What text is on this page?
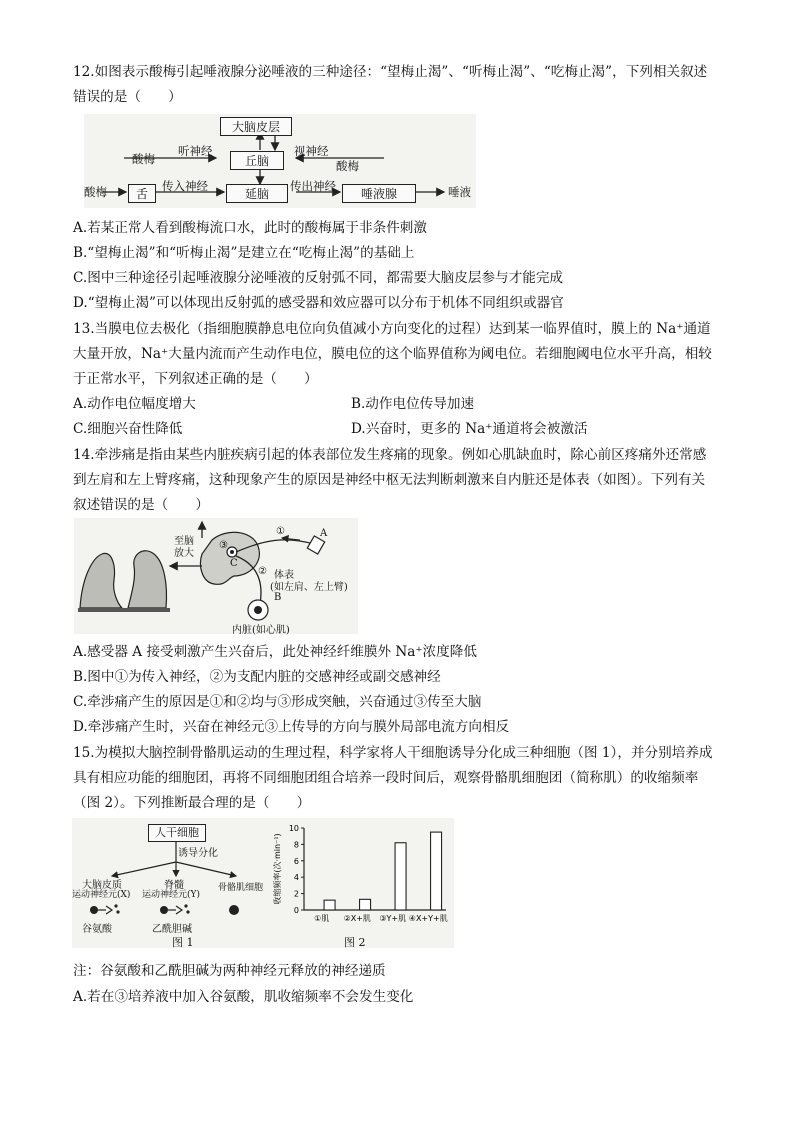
12.如图表示酸梅引起唾液腺分泌唾液的三种途径：“望梅止渴”、“听梅止渴”、“吃梅止渴”，下列相关叙述
错误的是（　　）
大脑皮层
丘脑
延脑
舌	唾液腺
酸梅
听神经	视神经
酸梅
酸梅	传入神经	传出神经	唾液
A.若某正常人看到酸梅流口水，此时的酸梅属于非条件刺激
B.“望梅止渴”和“听梅止渴”是建立在“吃梅止渴”的基础上
C.图中三种途径引起唾液腺分泌唾液的反射弧不同，都需要大脑皮层参与才能完成
D.“望梅止渴”可以体现出反射弧的感受器和效应器可以分布于机体不同组织或器官
13.当膜电位去极化（指细胞膜静息电位向负值减小方向变化的过程）达到某一临界值时，膜上的 Na⁺通道
大量开放，Na⁺大量内流而产生动作电位，膜电位的这个临界值称为阈电位。若细胞阈电位水平升高，相较
于正常水平，下列叙述正确的是（　　）
A.动作电位幅度增大	B.动作电位传导加速
C.细胞兴奋性降低	D.兴奋时，更多的 Na⁺通道将会被激活
14.牵涉痛是指由某些内脏疾病引起的体表部位发生疼痛的现象。例如心肌缺血时，除心前区疼痛外还常感
到左肩和左上臂疼痛，这种现象产生的原因是神经中枢无法判断刺激来自内脏还是体表（如图）。下列有关
叙述错误的是（　　）
至脑
放大
③
C
①	A
② 体表
(如左肩、左上臂)
B
内脏(如心肌)
A.感受器 A 接受刺激产生兴奋后，此处神经纤维膜外 Na⁺浓度降低
B.图中①为传入神经，②为支配内脏的交感神经或副交感神经
C.牵涉痛产生的原因是①和②均与③形成突触，兴奋通过③传至大脑
D.牵涉痛产生时，兴奋在神经元③上传导的方向与膜外局部电流方向相反
15.为模拟大脑控制骨骼肌运动的生理过程，科学家将人干细胞诱导分化成三种细胞（图 1），并分别培养成
具有相应功能的细胞团，再将不同细胞团组合培养一段时间后，观察骨骼肌细胞团（简称肌）的收缩频率
（图 2）。下列推断最合理的是（　　）
人干细胞
诱导分化
大脑皮质
运动神经元(X)
脊髓
运动神经元(Y)
骨骼肌细胞
谷氨酸	乙酰胆碱
图 1
0
2
4
6
8
10
收缩频率(次·min⁻¹)
①肌 ②X+肌 ③Y+肌 ④X+Y+肌
图 2
注：谷氨酸和乙酰胆碱为两种神经元释放的神经递质
A.若在③培养液中加入谷氨酸，肌收缩频率不会发生变化
